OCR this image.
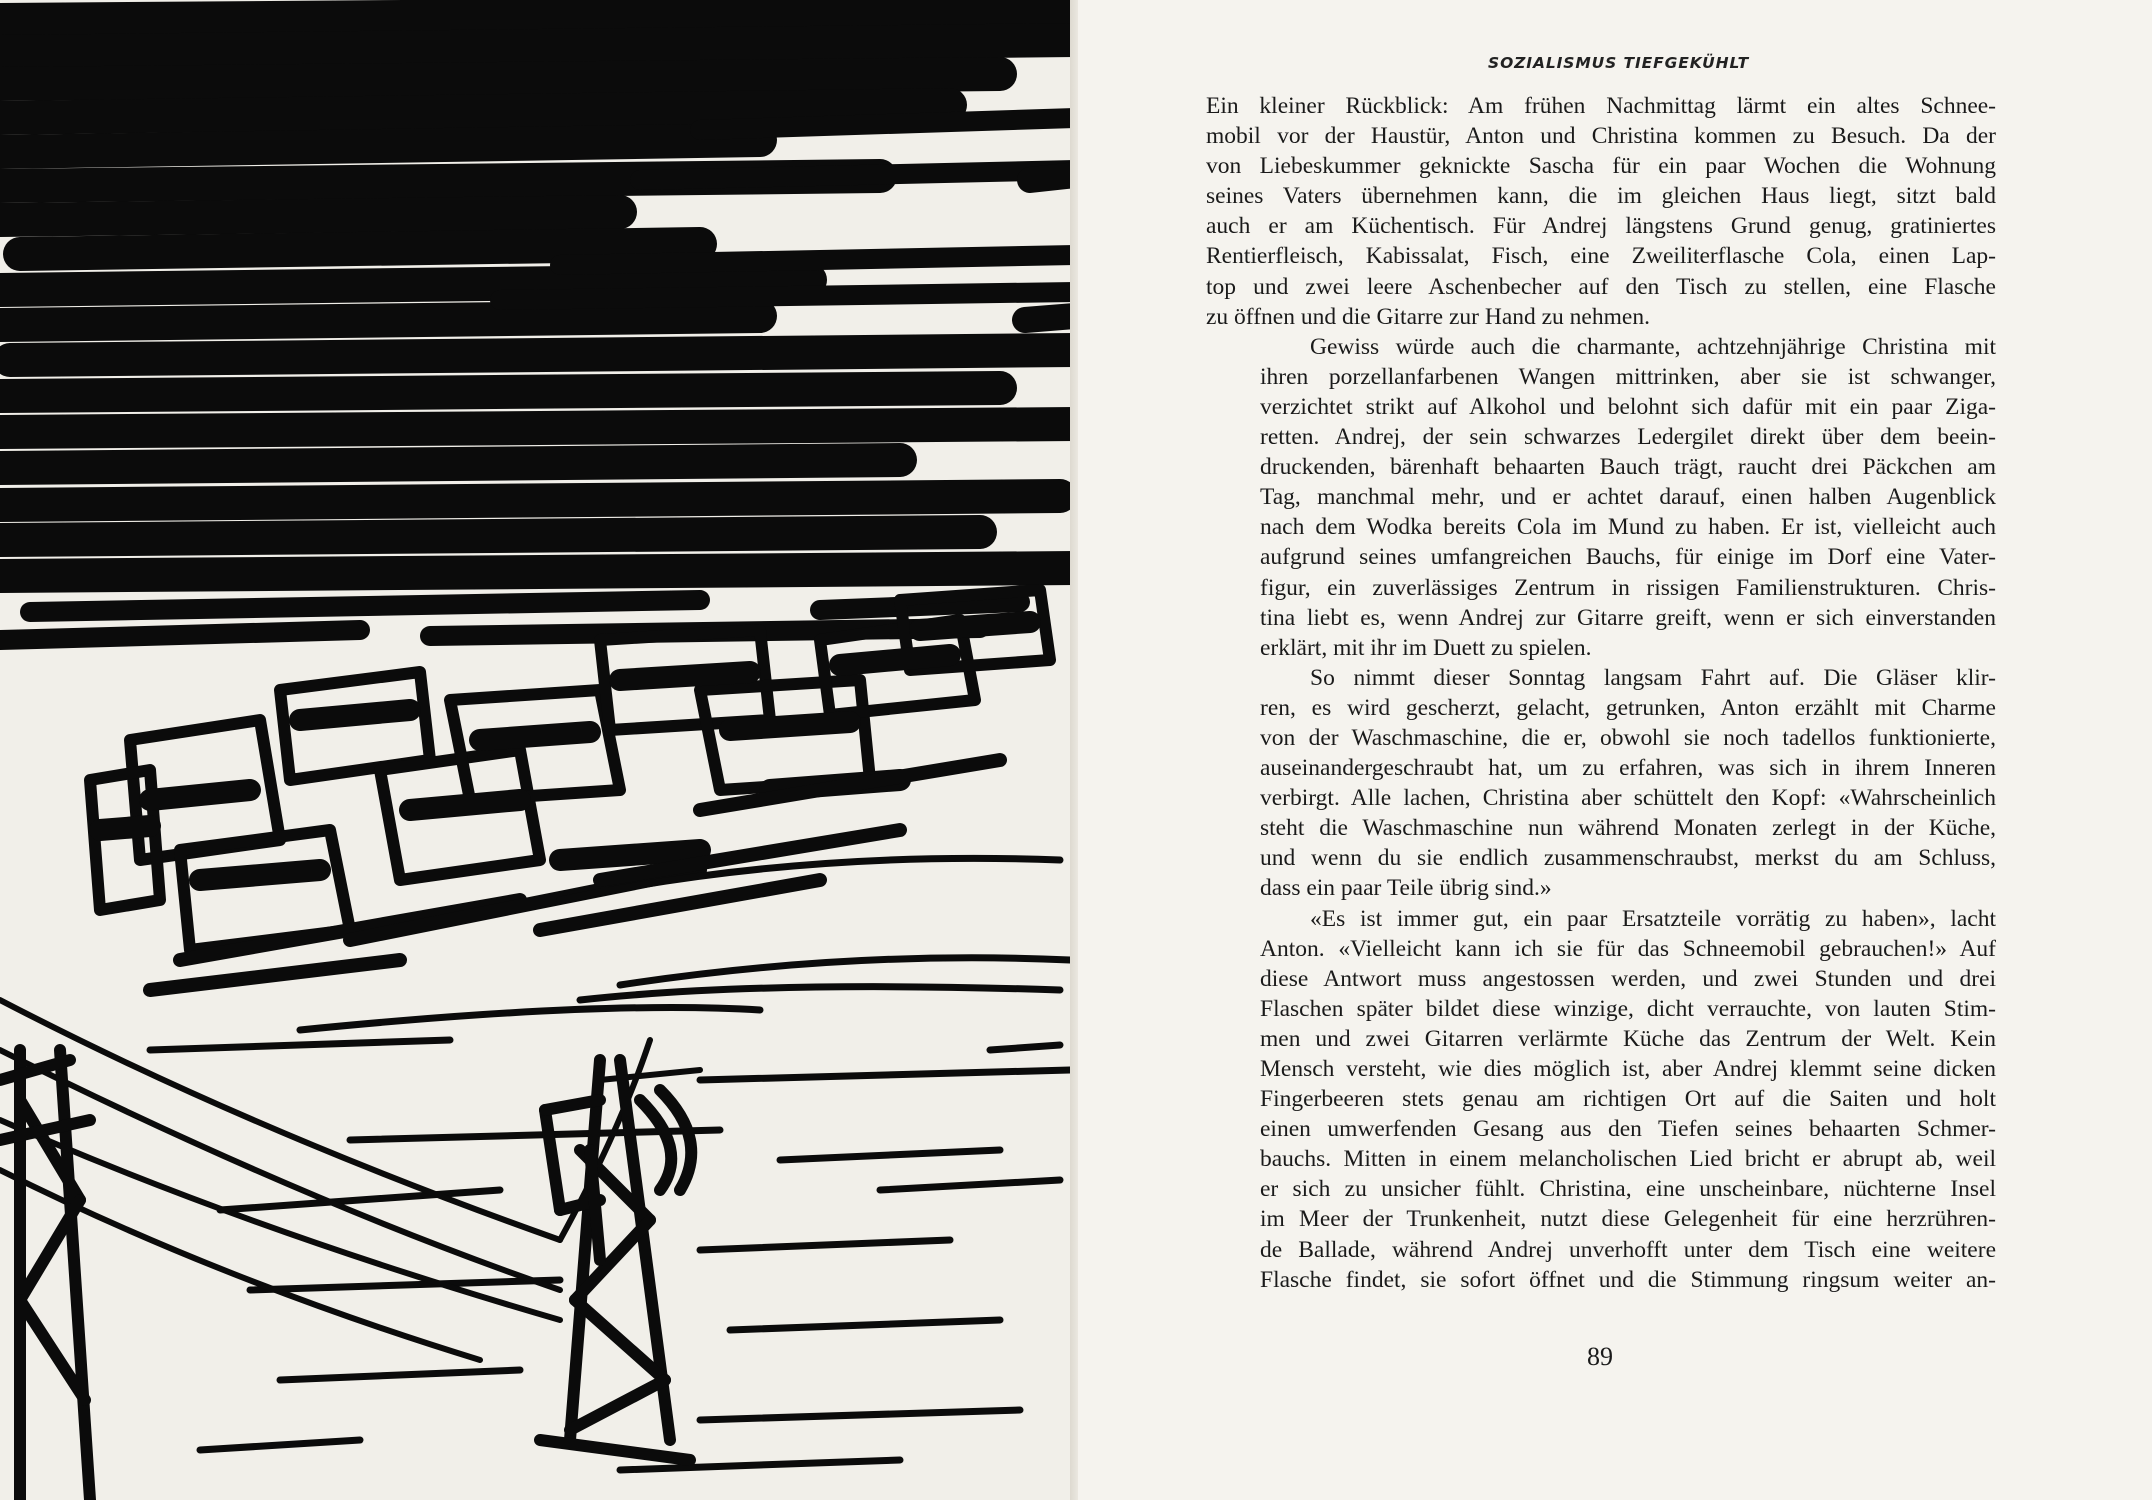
SOZIALISMUS TIEFGEKÜHLT
Ein kleiner Rückblick: Am frühen Nachmittag lärmt ein altes Schnee-
mobil vor der Haustür, Anton und Christina kommen zu Besuch. Da der
von Liebeskummer geknickte Sascha für ein paar Wochen die Wohnung
seines Vaters übernehmen kann, die im gleichen Haus liegt, sitzt bald
auch er am Küchentisch. Für Andrej längstens Grund genug, gratiniertes
Rentierfleisch, Kabissalat, Fisch, eine Zweiliterflasche Cola, einen Lap-
top und zwei leere Aschenbecher auf den Tisch zu stellen, eine Flasche
zu öffnen und die Gitarre zur Hand zu nehmen.
Gewiss würde auch die charmante, achtzehnjährige Christina mit
ihren porzellanfarbenen Wangen mittrinken, aber sie ist schwanger,
verzichtet strikt auf Alkohol und belohnt sich dafür mit ein paar Ziga-
retten. Andrej, der sein schwarzes Ledergilet direkt über dem beein-
druckenden, bärenhaft behaarten Bauch trägt, raucht drei Päckchen am
Tag, manchmal mehr, und er achtet darauf, einen halben Augenblick
nach dem Wodka bereits Cola im Mund zu haben. Er ist, vielleicht auch
aufgrund seines umfangreichen Bauchs, für einige im Dorf eine Vater-
figur, ein zuverlässiges Zentrum in rissigen Familienstrukturen. Chris-
tina liebt es, wenn Andrej zur Gitarre greift, wenn er sich einverstanden
erklärt, mit ihr im Duett zu spielen.
So nimmt dieser Sonntag langsam Fahrt auf. Die Gläser klir-
ren, es wird gescherzt, gelacht, getrunken, Anton erzählt mit Charme
von der Waschmaschine, die er, obwohl sie noch tadellos funktionierte,
auseinandergeschraubt hat, um zu erfahren, was sich in ihrem Inneren
verbirgt. Alle lachen, Christina aber schüttelt den Kopf: «Wahrscheinlich
steht die Waschmaschine nun während Monaten zerlegt in der Küche,
und wenn du sie endlich zusammenschraubst, merkst du am Schluss,
dass ein paar Teile übrig sind.»
«Es ist immer gut, ein paar Ersatzteile vorrätig zu haben», lacht
Anton. «Vielleicht kann ich sie für das Schneemobil gebrauchen!» Auf
diese Antwort muss angestossen werden, und zwei Stunden und drei
Flaschen später bildet diese winzige, dicht verrauchte, von lauten Stim-
men und zwei Gitarren verlärmte Küche das Zentrum der Welt. Kein
Mensch versteht, wie dies möglich ist, aber Andrej klemmt seine dicken
Fingerbeeren stets genau am richtigen Ort auf die Saiten und holt
einen umwerfenden Gesang aus den Tiefen seines behaarten Schmer-
bauchs. Mitten in einem melancholischen Lied bricht er abrupt ab, weil
er sich zu unsicher fühlt. Christina, eine unscheinbare, nüchterne Insel
im Meer der Trunkenheit, nutzt diese Gelegenheit für eine herzrühren-
de Ballade, während Andrej unverhofft unter dem Tisch eine weitere
Flasche findet, sie sofort öffnet und die Stimmung ringsum weiter an-
89
